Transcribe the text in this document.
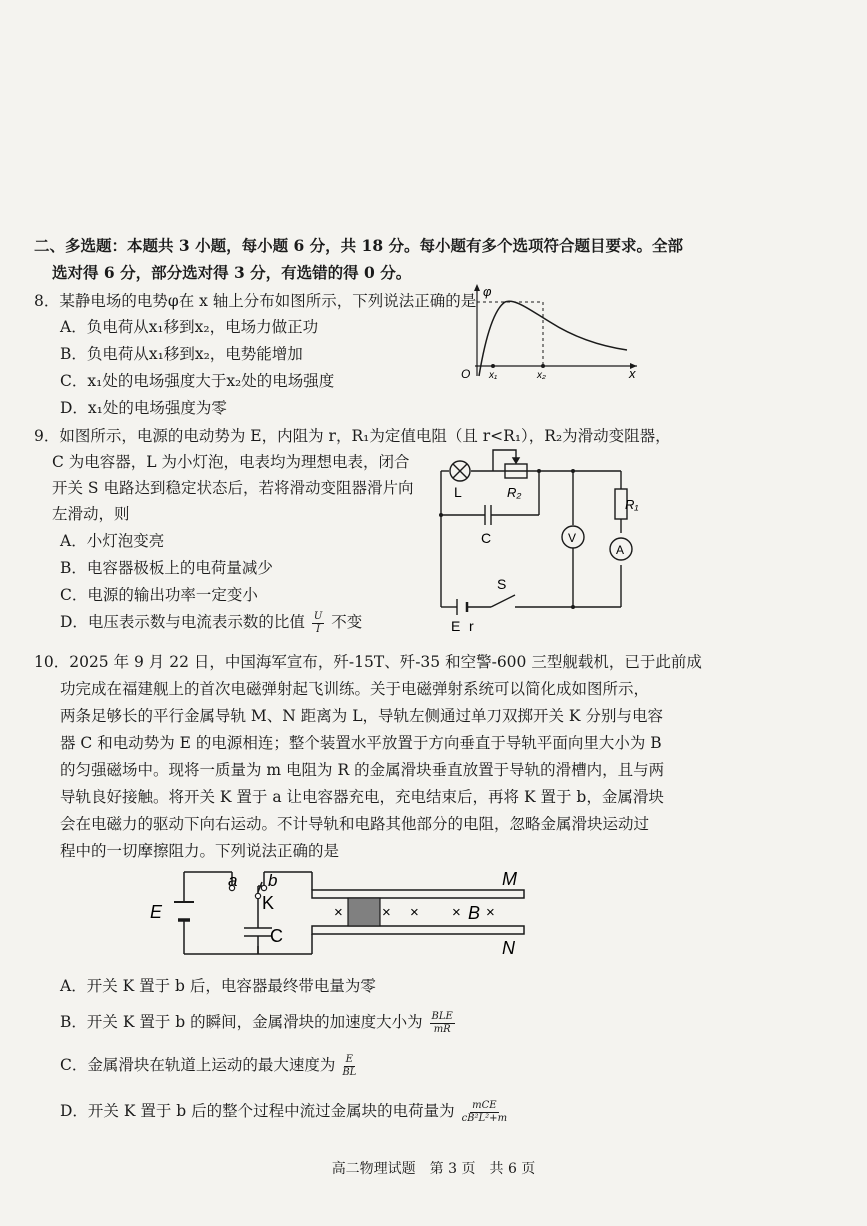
二、多选题：本题共 3 小题，每小题 6 分，共 18 分。每小题有多个选项符合题目要求。全部
选对得 6 分，部分选对得 3 分，有选错的得 0 分。
8．某静电场的电势φ在 x 轴上分布如图所示，下列说法正确的是
A．负电荷从x₁移到x₂，电场力做正功
B．负电荷从x₁移到x₂，电势能增加
C．x₁处的电场强度大于x₂处的电场强度
D．x₁处的电场强度为零
φ
x
O x₁	x₂
9．如图所示，电源的电动势为 E，内阻为 r，R₁为定值电阻（且 r<R₁），R₂为滑动变阻器，
C 为电容器，L 为小灯泡，电表均为理想电表，闭合
开关 S 电路达到稳定状态后，若将滑动变阻器滑片向
左滑动，则
A．小灯泡变亮
B．电容器极板上的电荷量减少
C．电源的输出功率一定变小
D．电压表示数与电流表示数的比值 $\frac{U}{I}$ 不变
L	R₂
C	V
A
R₁
S
E r
10．2025 年 9 月 22 日，中国海军宣布，歼-15T、歼-35 和空警-600 三型舰载机，已于此前成
功完成在福建舰上的首次电磁弹射起飞训练。关于电磁弹射系统可以简化成如图所示，
两条足够长的平行金属导轨 M、N 距离为 L，导轨左侧通过单刀双掷开关 K 分别与电容
器 C 和电动势为 E 的电源相连；整个装置水平放置于方向垂直于导轨平面向里大小为 B
的匀强磁场中。现将一质量为 m 电阻为 R 的金属滑块垂直放置于导轨的滑槽内，且与两
导轨良好接触。将开关 K 置于 a 让电容器充电，充电结束后，再将 K 置于 b，金属滑块
会在电磁力的驱动下向右运动。不计导轨和电路其他部分的电阻，忽略金属滑块运动过
程中的一切摩擦阻力。下列说法正确的是
E
a b
K
C
M
N
×	× × × B ×
A．开关 K 置于 b 后，电容器最终带电量为零
B．开关 K 置于 b 的瞬间，金属滑块的加速度大小为 $\frac{\text{BLE}}{mR}$
C．金属滑块在轨道上运动的最大速度为 $\frac{E}{BL}$
D．开关 K 置于 b 后的整个过程中流过金属块的电荷量为 $\frac{\text{mCE}}{\text{cB²L²+m}}$
高二物理试题　第 3 页　共 6 页
